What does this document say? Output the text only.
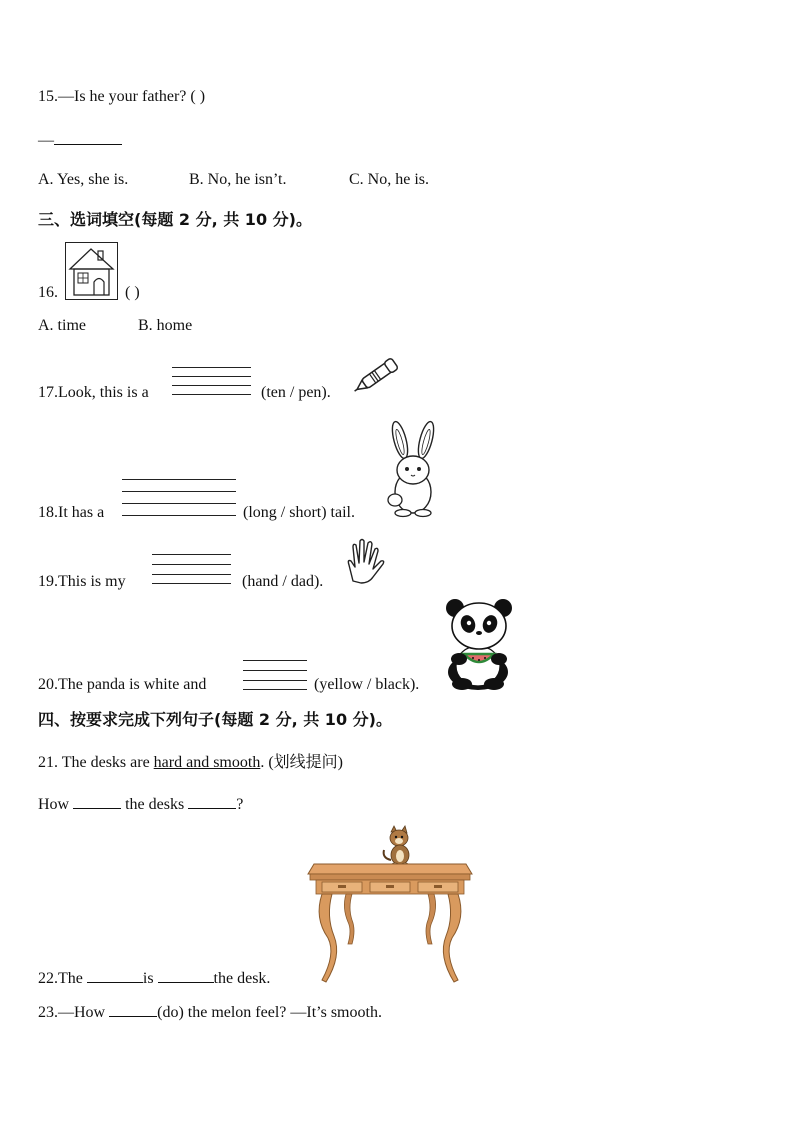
15.—Is he your father? ( )
—
A. Yes, she is.	B. No, he isn’t.	C. No, he is.
三、选词填空(每题 2 分, 共 10 分)。
16.	( )
A. time	B. home
17.Look, this is a	(ten / pen).
18.It has a	(long / short) tail.
19.This is my	(hand / dad).
20.The panda is white and	(yellow / black).
四、按要求完成下列句子(每题 2 分, 共 10 分)。
21. The desks are hard and smooth. (划线提问)
How	the desks	?
22.The	is	the desk.
23.—How	(do) the melon feel? —It’s smooth.
